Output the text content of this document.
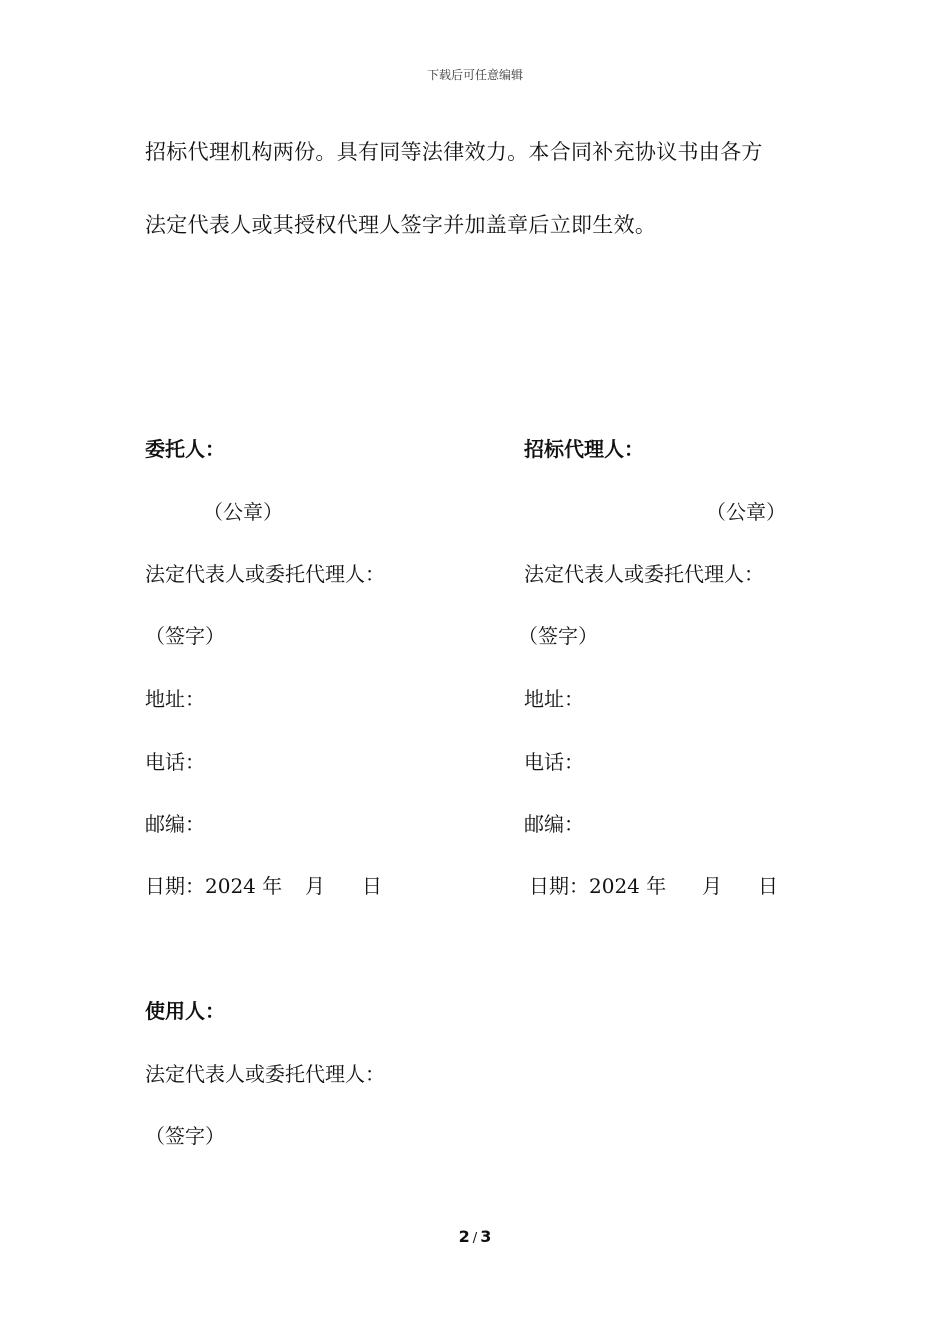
下载后可任意编辑
招标代理机构两份。具有同等法律效力。本合同补充协议书由各方
法定代表人或其授权代理人签字并加盖章后立即生效。
委托人：
（公章）
法定代表人或委托代理人：
（签字）
地址：
电话：
邮编：
日期：2024 年 月 日
招标代理人：
（公章）
法定代表人或委托代理人：
（签字）
地址：
电话：
邮编：
日期：2024 年 月 日
使用人：
法定代表人或委托代理人：
（签字）
2 / 3
